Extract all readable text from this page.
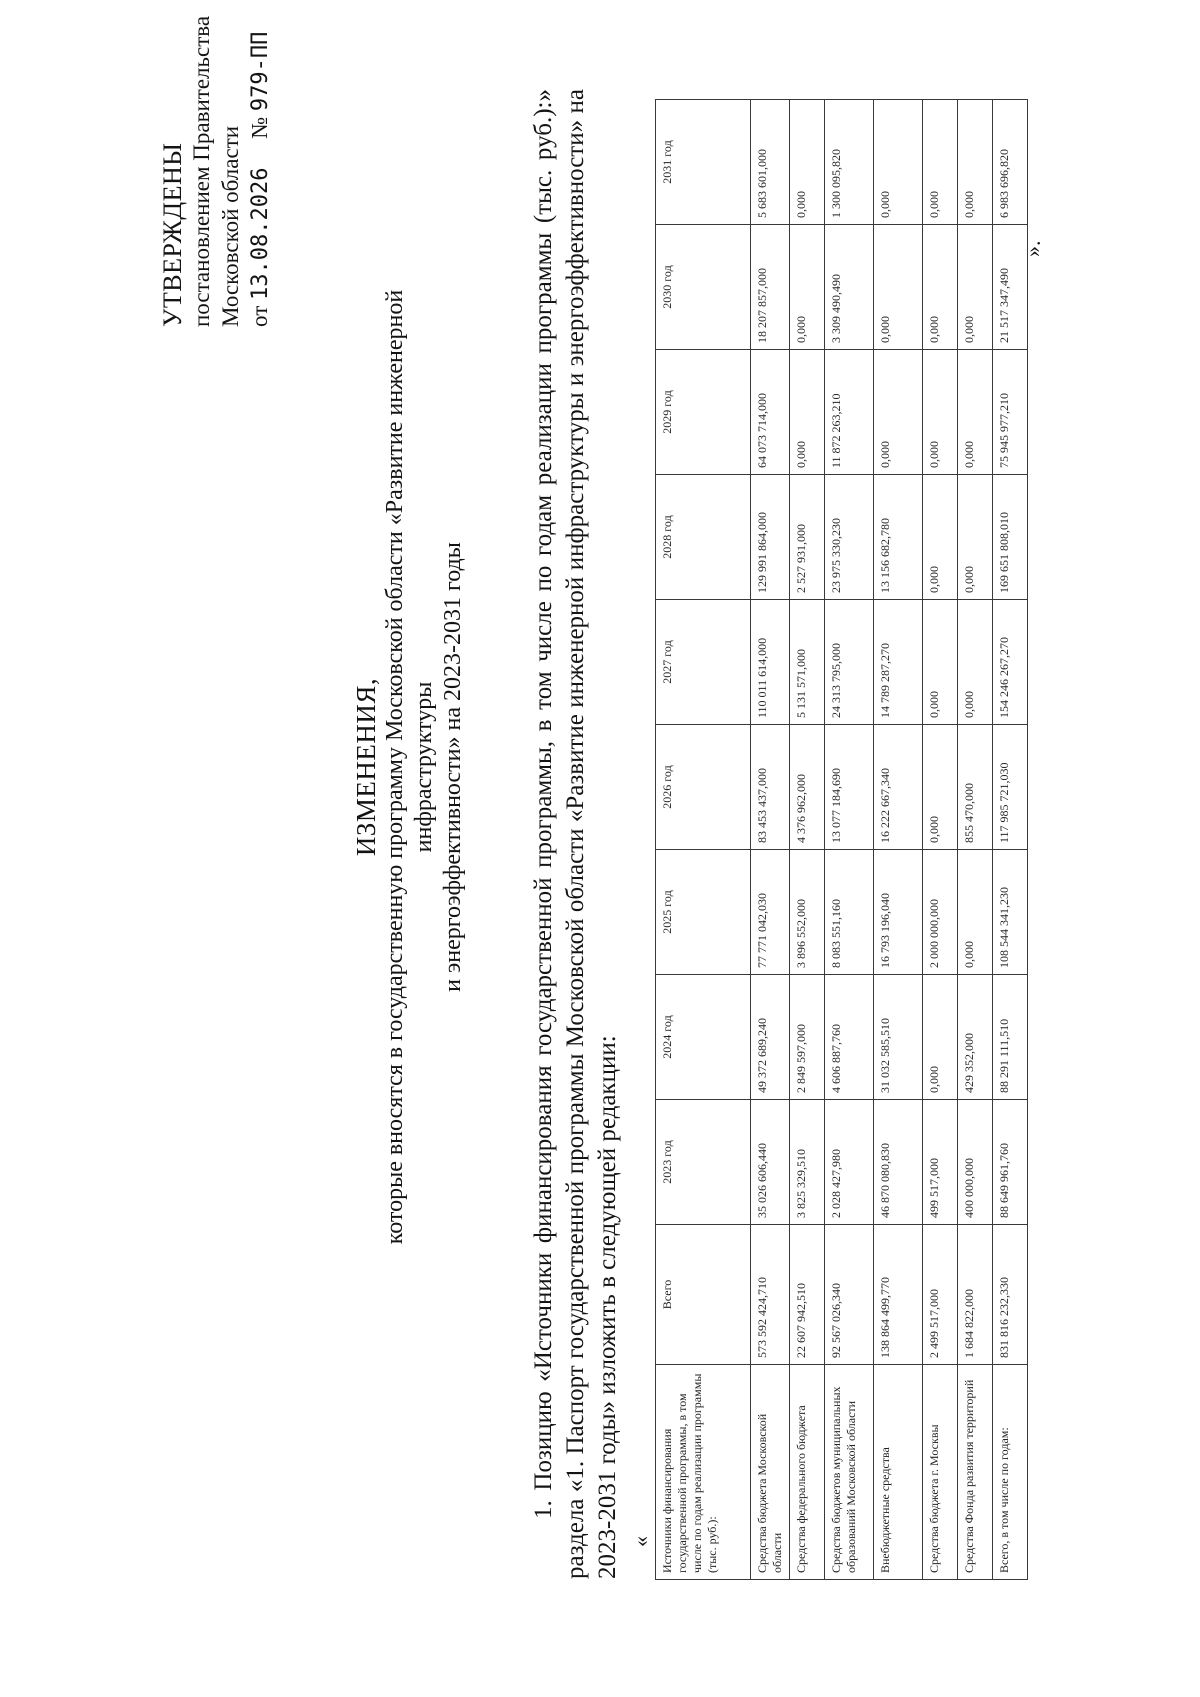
УТВЕРЖДЕНЫ постановлением Правительства Московской области от 13.08.2026     № 979-ПП
ИЗМЕНЕНИЯ, которые вносятся в государственную программу Московской области «Развитие инженерной инфраструктуры и энергоэффективности» на 2023-2031 годы	1. Позицию «Источники финансирования государственной программы, в том числе по годам реализации программы (тыс. руб.):» раздела «1. Паспорт государственной программы Московской области «Развитие инженерной инфраструктуры и энергоэффективности» на 2023-2031 годы» изложить в следующей редакции: « Источники финансирования государственной программы, в том числе по годам реализации программы (тыс. руб.):	Всего	2023 год	2024 год	2025 год	2026 год	2027 год	2028 год	2029 год	2030 год	2031 год
Средства бюджета Московской области	573 592 424,710	35 026 606,440	49 372 689,240	77 771 042,030	83 453 437,000	110 011 614,000	129 991 864,000	64 073 714,000	18 207 857,000	5 683 601,000
Средства федерального бюджета	22 607 942,510	3 825 329,510	2 849 597,000	3 896 552,000	4 376 962,000	5 131 571,000	2 527 931,000	0,000	0,000	0,000
Средства бюджетов муниципальных образований Московской области	92 567 026,340	2 028 427,980	4 606 887,760	8 083 551,160	13 077 184,690	24 313 795,000	23 975 330,230	11 872 263,210	3 309 490,490	1 300 095,820
Внебюджетные средства	138 864 499,770	46 870 080,830	31 032 585,510	16 793 196,040	16 222 667,340	14 789 287,270	13 156 682,780	0,000	0,000	0,000
Средства бюджета г. Москвы	2 499 517,000	499 517,000	0,000	2 000 000,000	0,000	0,000	0,000	0,000	0,000	0,000
Средства Фонда развития территорий	1 684 822,000	400 000,000	429 352,000	0,000	855 470,000	0,000	0,000	0,000	0,000	0,000
Всего, в том числе по годам:	831 816 232,330	88 649 961,760	88 291 111,510	108 544 341,230	117 985 721,030	154 246 267,270	169 651 808,010	75 945 977,210	21 517 347,490	6 983 696,820
».
